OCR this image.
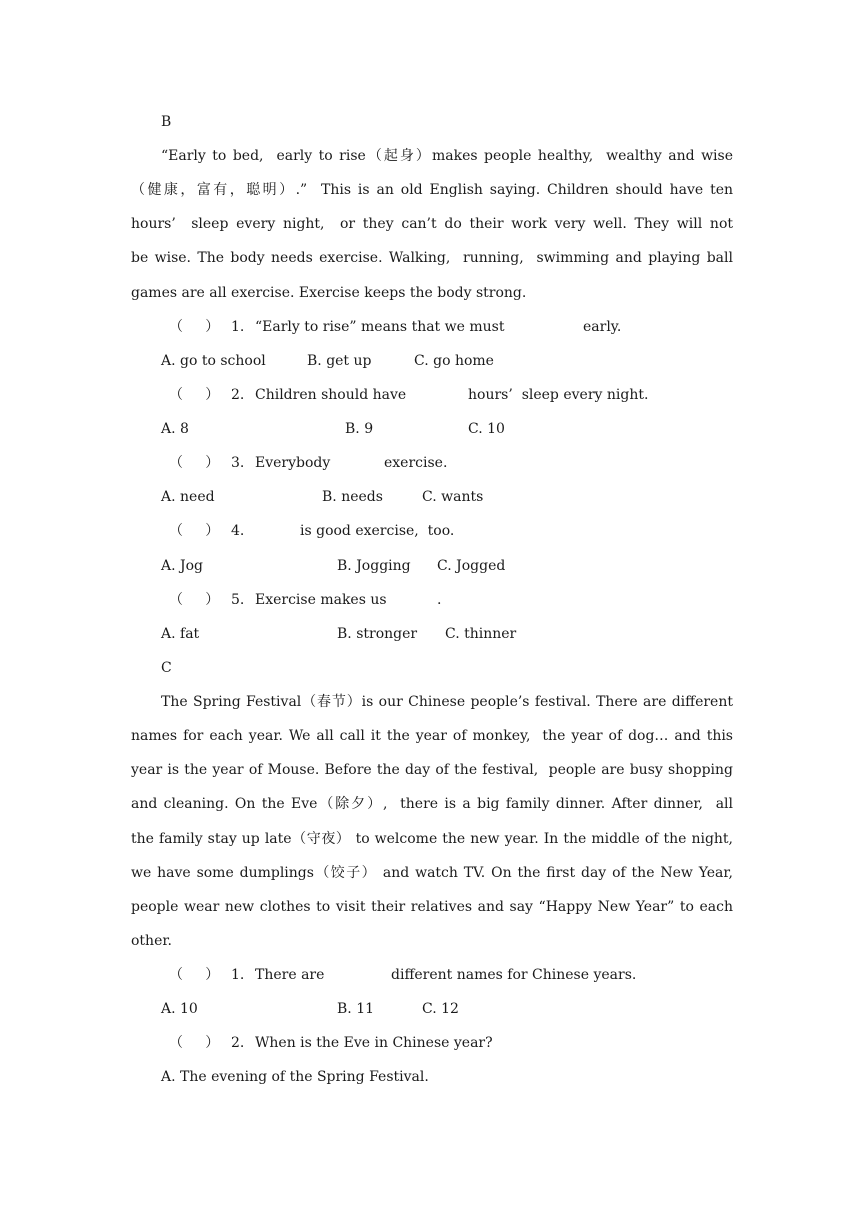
B
“Early to bed,  early to rise（起身）makes people healthy,  wealthy and wise
（健康，富有，聪明）.”  This is an old English saying. Children should have ten
hours’  sleep every night,  or they can’t do their work very well. They will not
be wise. The body needs exercise. Walking,  running,  swimming and playing ball
games are all exercise. Exercise keeps the body strong.

（     ）

1.

“Early to rise” means that we must

	early.

A. go to school

	B. get up

	C. go home

（     ）

2.

Children should have

	hours’  sleep every night.

A. 8

	B. 9

	C. 10

（     ）

3.

Everybody

	exercise.

A. need

	B. needs

	C. wants

（     ）

4.

	is good exercise,  too.

A. Jog

	B. Jogging

C. Jogged

（     ）

5.

Exercise makes us

	.

A. fat

	B. stronger

C. thinner

C
The Spring Festival（春节）is our Chinese people’s festival. There are different
names for each year. We all call it the year of monkey,  the year of dog… and this
year is the year of Mouse. Before the day of the festival,  people are busy shopping
and cleaning. On the Eve（除夕）,  there is a big family dinner. After dinner,  all
the family stay up late（守夜） to welcome the new year. In the middle of the night,
we have some dumplings（饺子） and watch TV. On the first day of the New Year,
people wear new clothes to visit their relatives and say “Happy New Year” to each
other.

（     ）

1.

There are

	different names for Chinese years.

A. 10

	B. 11

	C. 12

（     ）

2.

When is the Eve in Chinese year?

A. The evening of the Spring Festival.
